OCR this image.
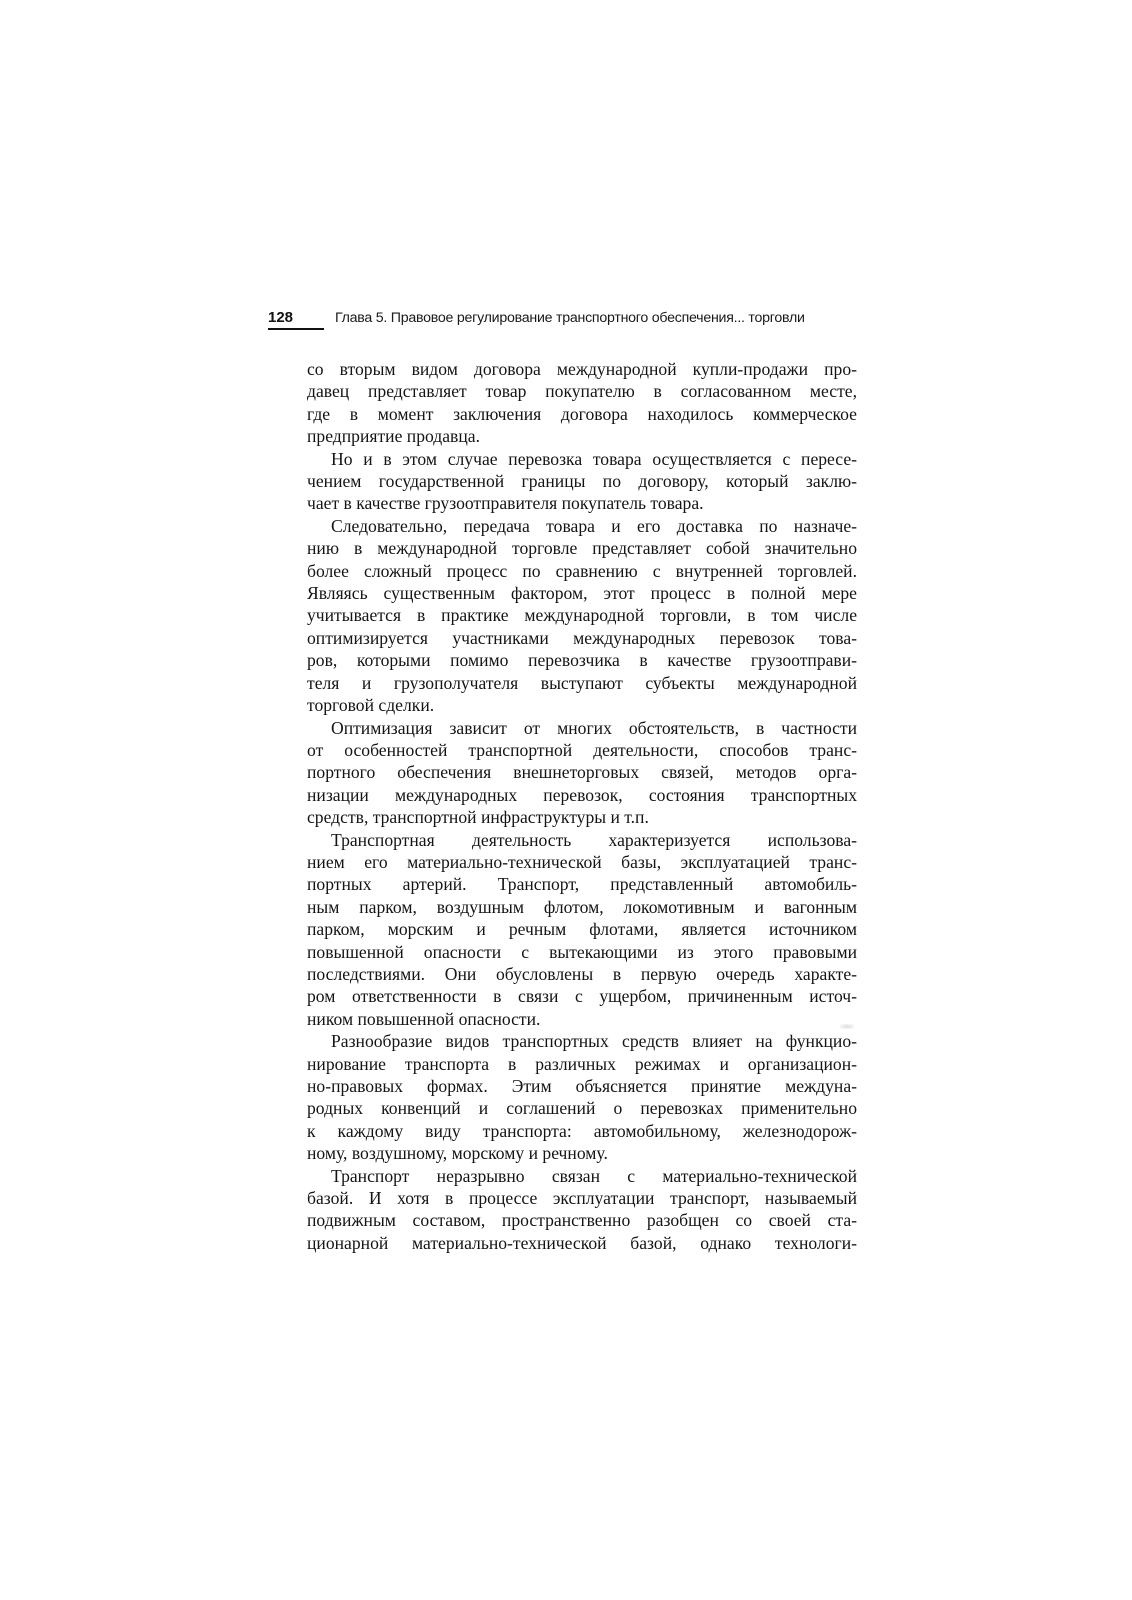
128	Глава 5. Правовое регулирование транспортного обеспечения... торговли

со вторым видом договора международной купли-продажи про-
давец представляет товар покупателю в согласованном месте,
где в момент заключения договора находилось коммерческое
предприятие продавца.

Но и в этом случае перевозка товара осуществляется с пересе-
чением государственной границы по договору, который заклю-
чает в качестве грузоотправителя покупатель товара.

Следовательно, передача товара и его доставка по назначе-
нию в международной торговле представляет собой значительно
более сложный процесс по сравнению с внутренней торговлей.
Являясь существенным фактором, этот процесс в полной мере
учитывается в практике международной торговли, в том числе
оптимизируется участниками международных перевозок това-
ров, которыми помимо перевозчика в качестве грузоотправи-
теля и грузополучателя выступают субъекты международной
торговой сделки.

Оптимизация зависит от многих обстоятельств, в частности
от особенностей транспортной деятельности, способов транс-
портного обеспечения внешнеторговых связей, методов орга-
низации международных перевозок, состояния транспортных
средств, транспортной инфраструктуры и т.п.

Транспортная деятельность характеризуется использова-
нием его материально-технической базы, эксплуатацией транс-
портных артерий. Транспорт, представленный автомобиль-
ным парком, воздушным флотом, локомотивным и вагонным
парком, морским и речным флотами, является источником
повышенной опасности с вытекающими из этого правовыми
последствиями. Они обусловлены в первую очередь характе-
ром ответственности в связи с ущербом, причиненным источ-
ником повышенной опасности.

Разнообразие видов транспортных средств влияет на функцио-
нирование транспорта в различных режимах и организацион-
но-правовых формах. Этим объясняется принятие междуна-
родных конвенций и соглашений о перевозках применительно
к каждому виду транспорта: автомобильному, железнодорож-
ному, воздушному, морскому и речному.

Транспорт неразрывно связан с материально-технической
базой. И хотя в процессе эксплуатации транспорт, называемый
подвижным составом, пространственно разобщен со своей ста-
ционарной материально-технической базой, однако технологи-
